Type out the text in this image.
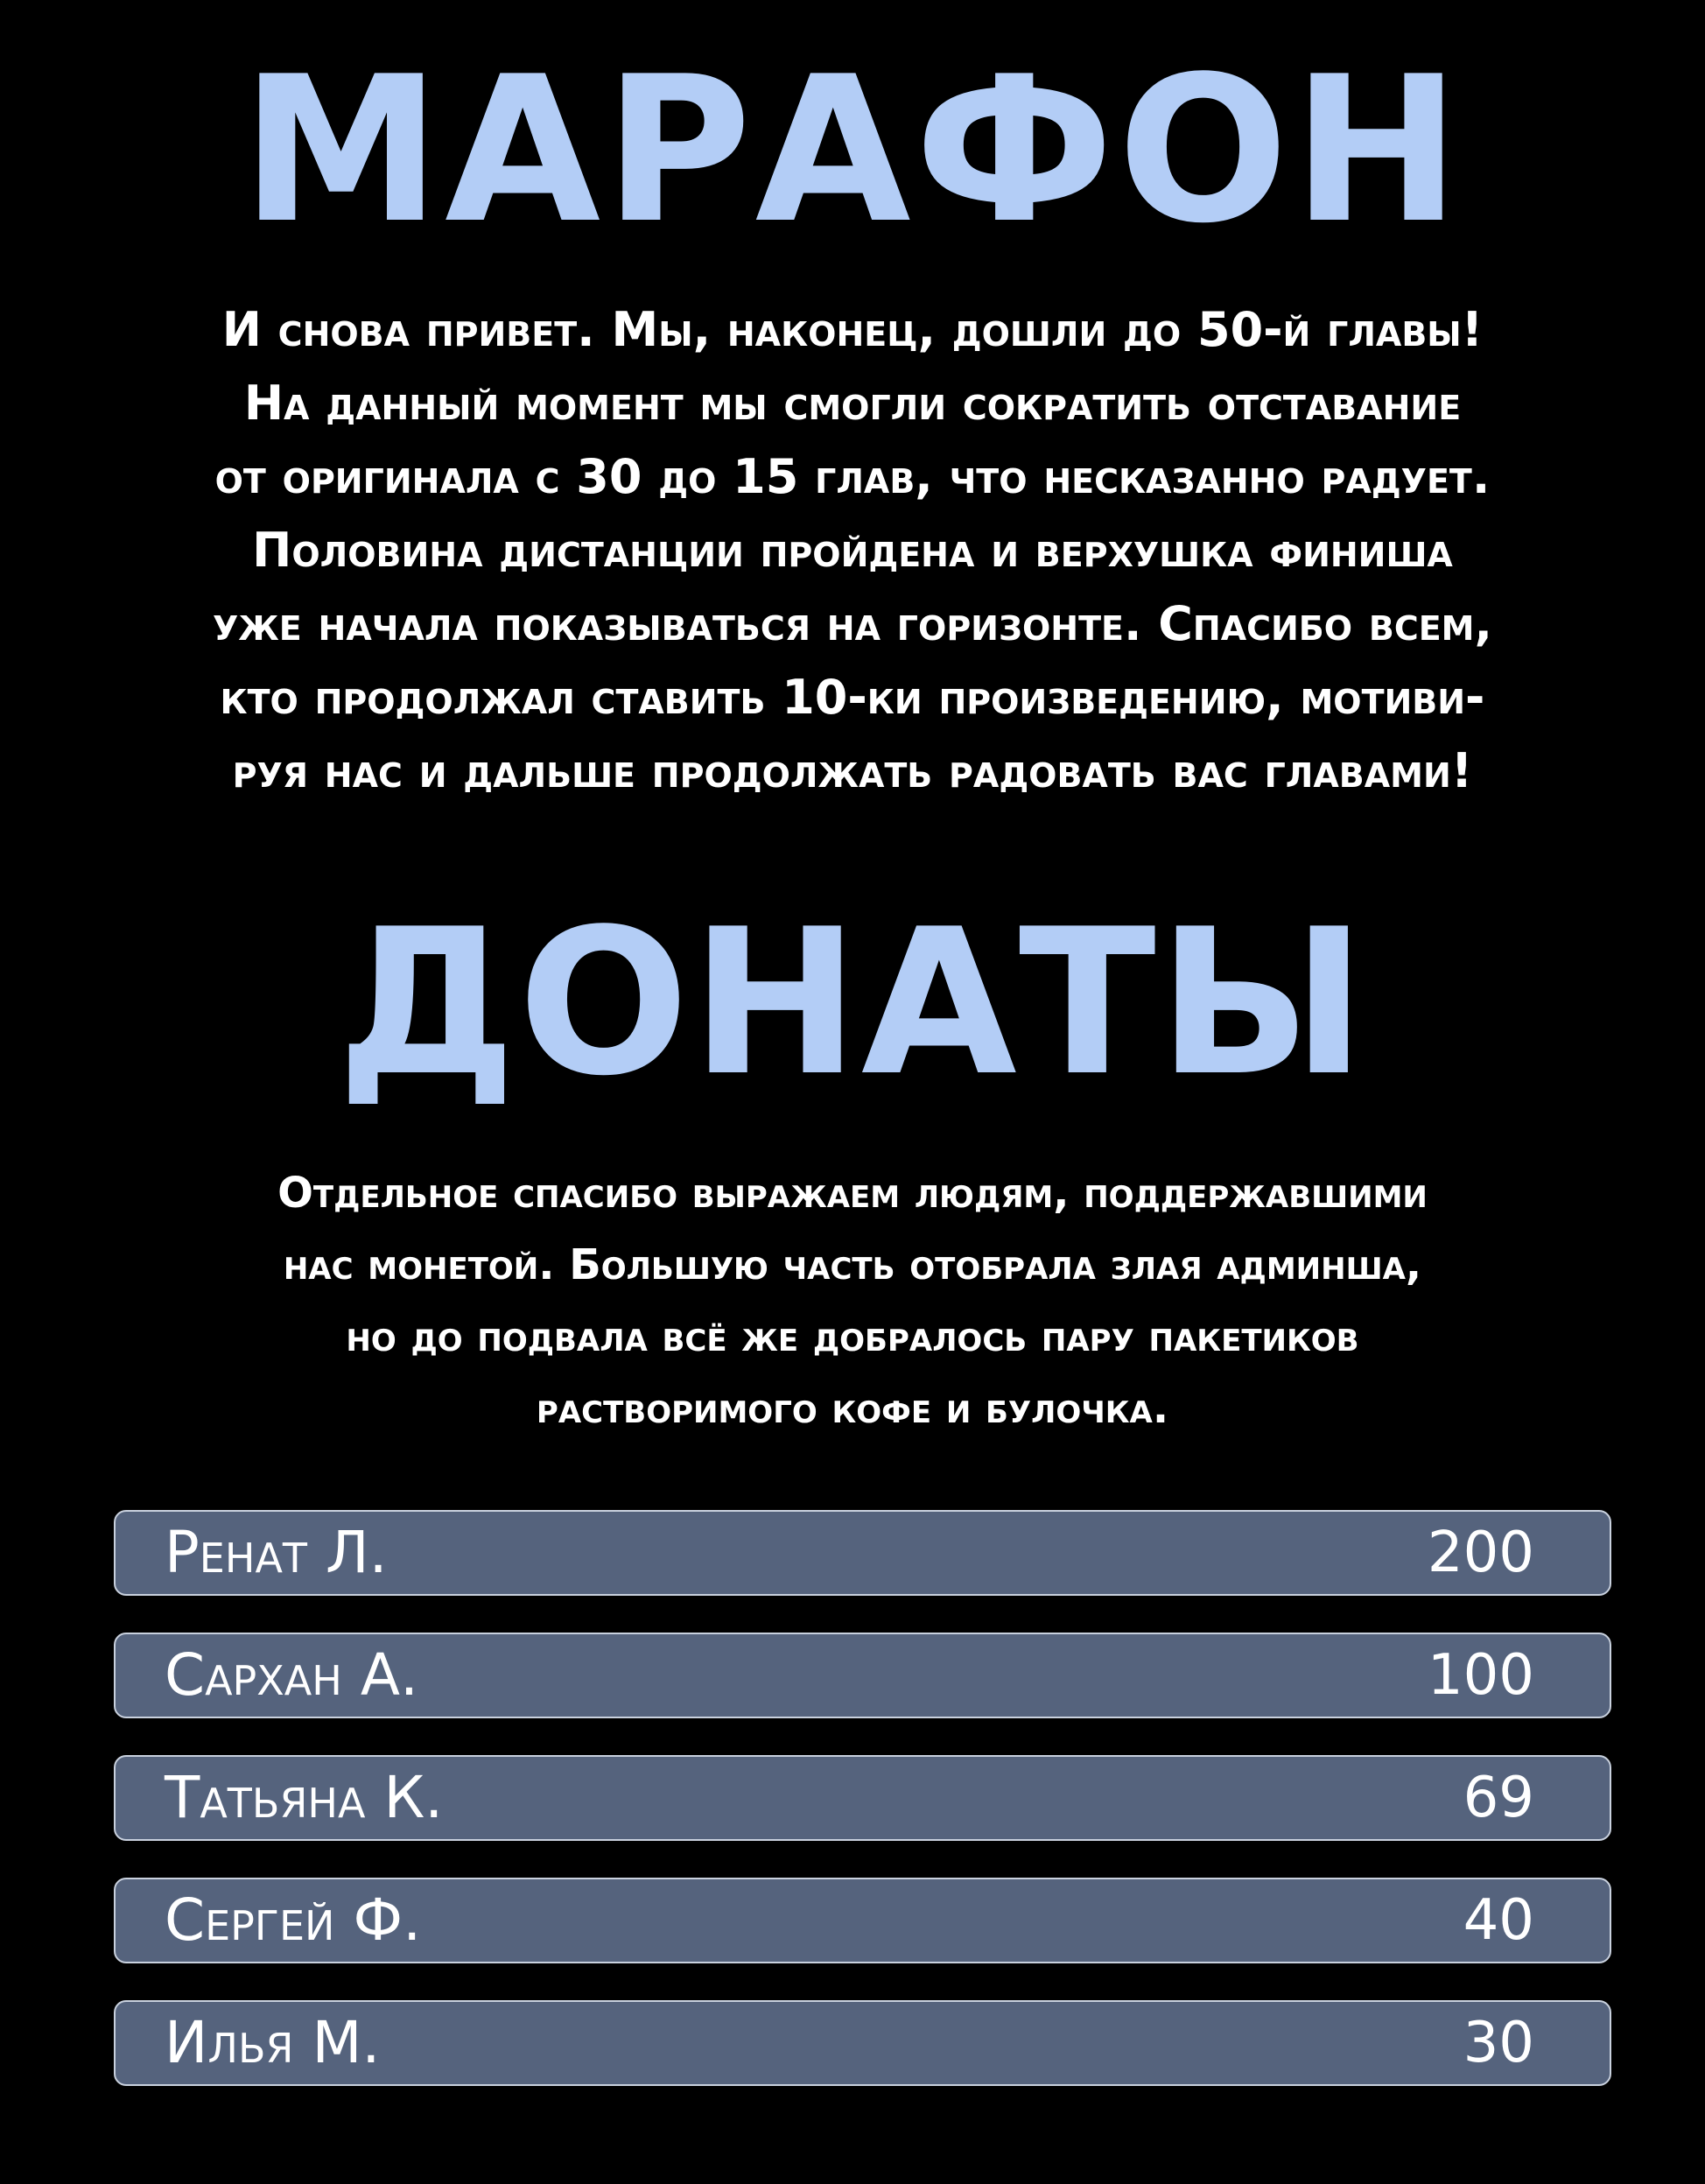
МАРАФОН
И снова привет. Мы, наконец, дошли до 50-й главы!
На данный момент мы смогли сократить отставание
от оригинала с 30 до 15 глав, что несказанно радует.
Половина дистанции пройдена и верхушка финиша
уже начала показываться на горизонте. Спасибо всем,
кто продолжал ставить 10-ки произведению, мотиви-
руя нас и дальше продолжать радовать вас главами!
ДОНАТЫ
Отдельное спасибо выражаем людям, поддержавшими
нас монетой. Большую часть отобрала злая админша,
но до подвала всё же добралось пару пакетиков
растворимого кофе и булочка.
Ренат Л.	200
Сархан А.	100
Татьяна К.	69
Сергей Ф.	40
Илья М.	30
